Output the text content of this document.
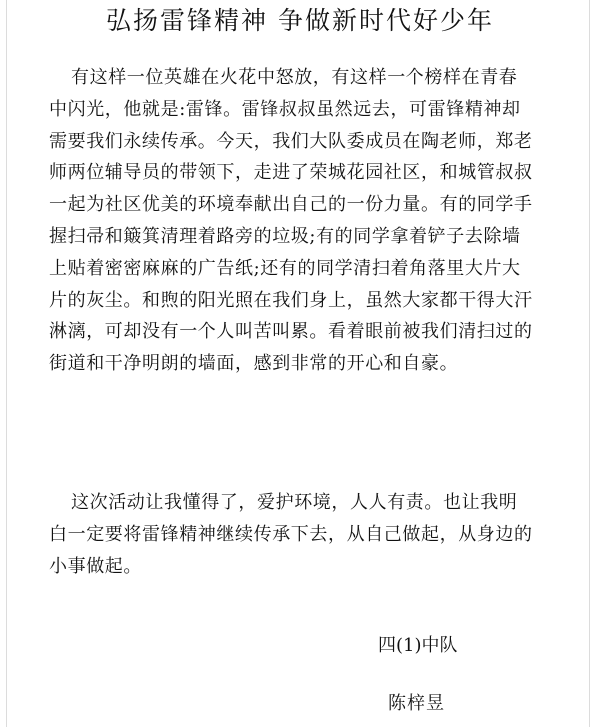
弘扬雷锋精神 争做新时代好少年
有这样一位英雄在火花中怒放，有这样一个榜样在青春
中闪光，他就是:雷锋。雷锋叔叔虽然远去，可雷锋精神却
需要我们永续传承。今天，我们大队委成员在陶老师，郑老
师两位辅导员的带领下，走进了荣城花园社区，和城管叔叔
一起为社区优美的环境奉献出自己的一份力量。有的同学手
握扫帚和簸箕清理着路旁的垃圾;有的同学拿着铲子去除墙
上贴着密密麻麻的广告纸;还有的同学清扫着角落里大片大
片的灰尘。和煦的阳光照在我们身上，虽然大家都干得大汗
淋漓，可却没有一个人叫苦叫累。看着眼前被我们清扫过的
街道和干净明朗的墙面，感到非常的开心和自豪。
这次活动让我懂得了，爱护环境，人人有责。也让我明
白一定要将雷锋精神继续传承下去，从自己做起，从身边的
小事做起。
四(1)中队
陈梓昱
